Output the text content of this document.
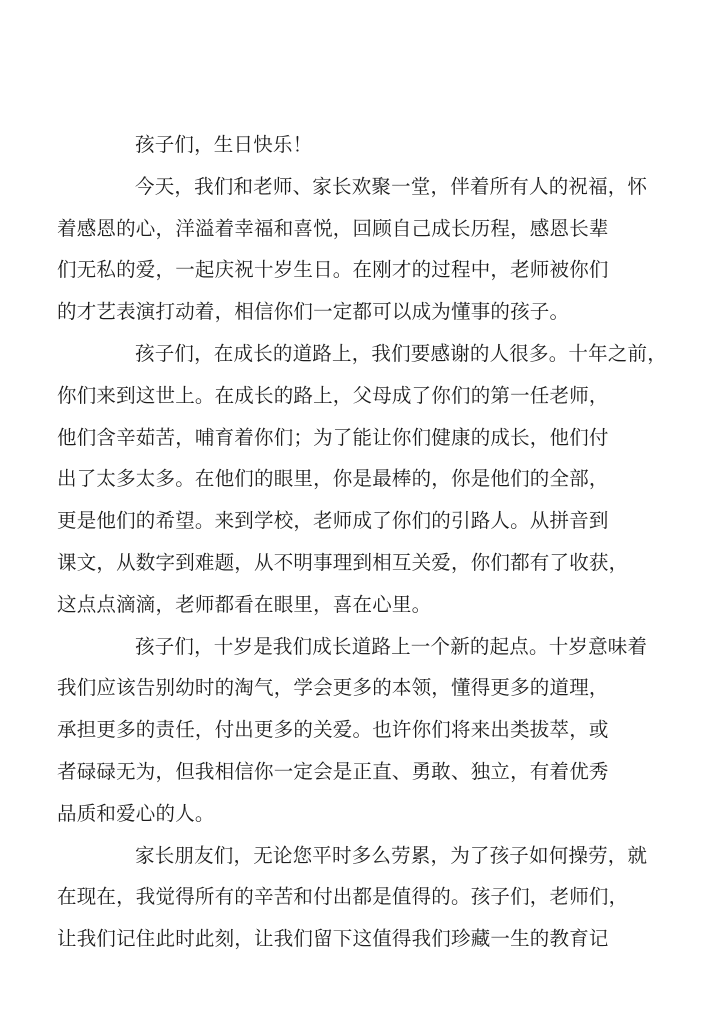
孩子们，生日快乐！

今天，我们和老师、家长欢聚一堂，伴着所有人的祝福，怀
着感恩的心，洋溢着幸福和喜悦，回顾自己成长历程，感恩长辈
们无私的爱，一起庆祝十岁生日。在刚才的过程中，老师被你们
的才艺表演打动着，相信你们一定都可以成为懂事的孩子。

孩子们，在成长的道路上，我们要感谢的人很多。十年之前，
你们来到这世上。在成长的路上，父母成了你们的第一任老师，
他们含辛茹苦，哺育着你们；为了能让你们健康的成长，他们付
出了太多太多。在他们的眼里，你是最棒的，你是他们的全部，
更是他们的希望。来到学校，老师成了你们的引路人。从拼音到
课文，从数字到难题，从不明事理到相互关爱，你们都有了收获，
这点点滴滴，老师都看在眼里，喜在心里。

孩子们，十岁是我们成长道路上一个新的起点。十岁意味着
我们应该告别幼时的淘气，学会更多的本领，懂得更多的道理，
承担更多的责任，付出更多的关爱。也许你们将来出类拔萃，或
者碌碌无为，但我相信你一定会是正直、勇敢、独立，有着优秀
品质和爱心的人。

家长朋友们，无论您平时多么劳累，为了孩子如何操劳，就
在现在，我觉得所有的辛苦和付出都是值得的。孩子们，老师们，
让我们记住此时此刻，让我们留下这值得我们珍藏一生的教育记
